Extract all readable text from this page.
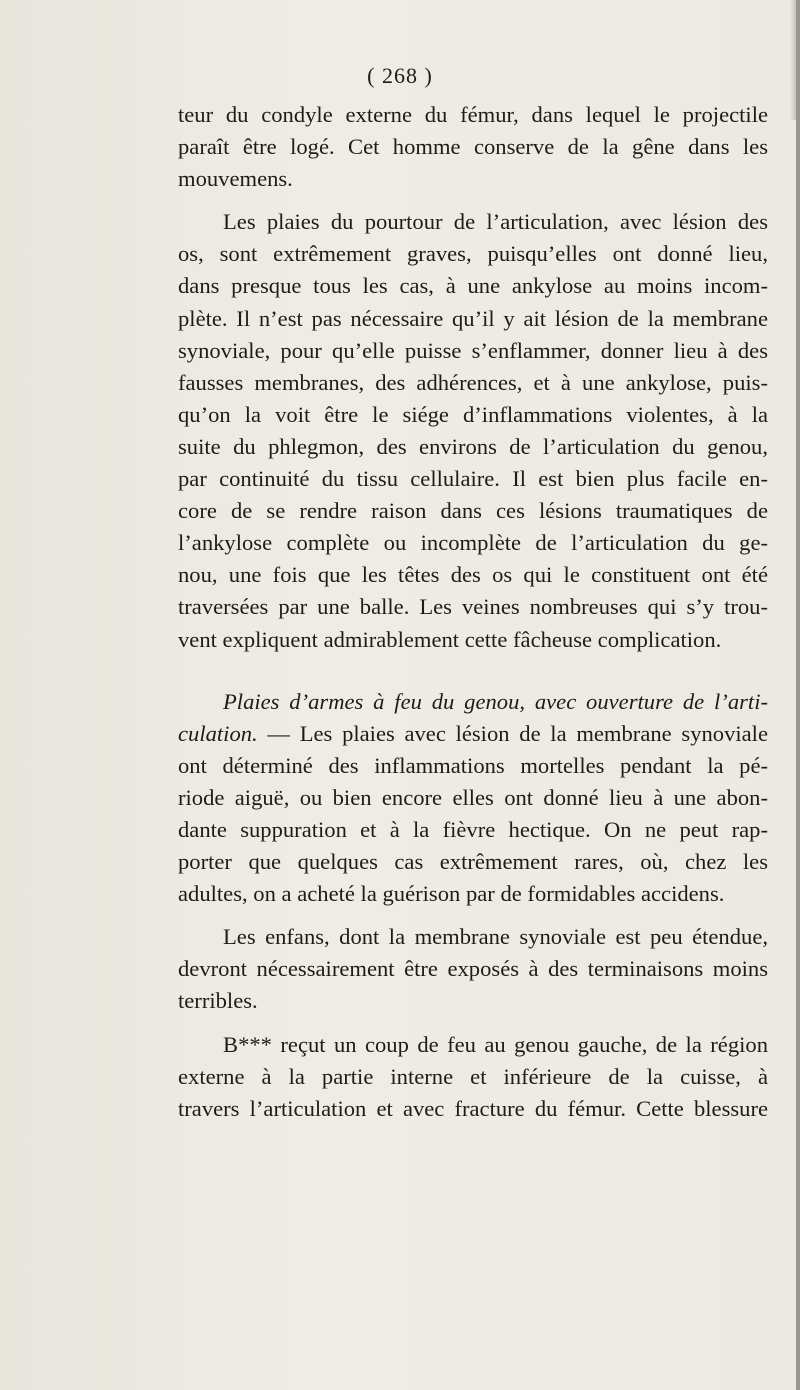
( 268 )
teur du condyle externe du fémur, dans lequel le projectile
paraît être logé. Cet homme conserve de la gêne dans les
mouvemens.
Les plaies du pourtour de l’articulation, avec lésion des
os, sont extrêmement graves, puisqu’elles ont donné lieu,
dans presque tous les cas, à une ankylose au moins incom-
plète. Il n’est pas nécessaire qu’il y ait lésion de la membrane
synoviale, pour qu’elle puisse s’enflammer, donner lieu à des
fausses membranes, des adhérences, et à une ankylose, puis-
qu’on la voit être le siége d’inflammations violentes, à la
suite du phlegmon, des environs de l’articulation du genou,
par continuité du tissu cellulaire. Il est bien plus facile en-
core de se rendre raison dans ces lésions traumatiques de
l’ankylose complète ou incomplète de l’articulation du ge-
nou, une fois que les têtes des os qui le constituent ont été
traversées par une balle. Les veines nombreuses qui s’y trou-
vent expliquent admirablement cette fâcheuse complication.
Plaies d’armes à feu du genou, avec ouverture de l’arti-
culation. — Les plaies avec lésion de la membrane synoviale
ont déterminé des inflammations mortelles pendant la pé-
riode aiguë, ou bien encore elles ont donné lieu à une abon-
dante suppuration et à la fièvre hectique. On ne peut rap-
porter que quelques cas extrêmement rares, où, chez les
adultes, on a acheté la guérison par de formidables accidens.
Les enfans, dont la membrane synoviale est peu étendue,
devront nécessairement être exposés à des terminaisons moins
terribles.
B*** reçut un coup de feu au genou gauche, de la région
externe à la partie interne et inférieure de la cuisse, à
travers l’articulation et avec fracture du fémur. Cette blessure
